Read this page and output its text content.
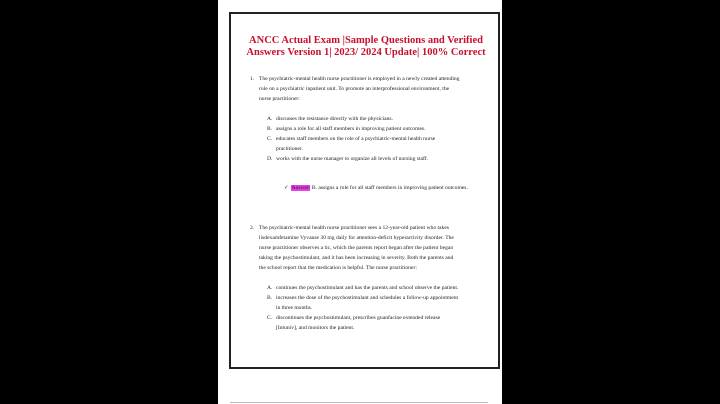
ANCC Actual Exam |Sample Questions and Verified
Answers Version 1| 2023/ 2024 Update| 100% Correct
1. The psychiatric-mental health nurse practitioner is employed in a newly created attending
role on a psychiatric inpatient unit. To promote an interprofessional environment, the
nurse practitioner:
A. discusses the resistance directly with the physicians.
B. assigns a role for all staff members in improving patient outcomes.
C. educates staff members on the role of a psychiatric-mental health nurse
practitioner.
D. works with the nurse manager to organize all levels of nursing staff.
✓ Answer: B. assigns a role for all staff members in improving patient outcomes.
2. The psychiatric-mental health nurse practitioner sees a 12-year-old patient who takes
lisdexamfetamine Vyvanse 30 mg daily for attention-deficit hyperactivity disorder. The
nurse practitioner observes a tic, which the parents report began after the patient began
taking the psychostimulant, and it has been increasing in severity. Both the parents and
the school report that the medication is helpful. The nurse practitioner:
A. continues the psychostimulant and has the parents and school observe the patient.
B. increases the dose of the psychostimulant and schedules a follow-up appointment
in three months.
C. discontinues the psychostimulant, prescribes guanfacine extended release
[Intuniv], and monitors the patient.
